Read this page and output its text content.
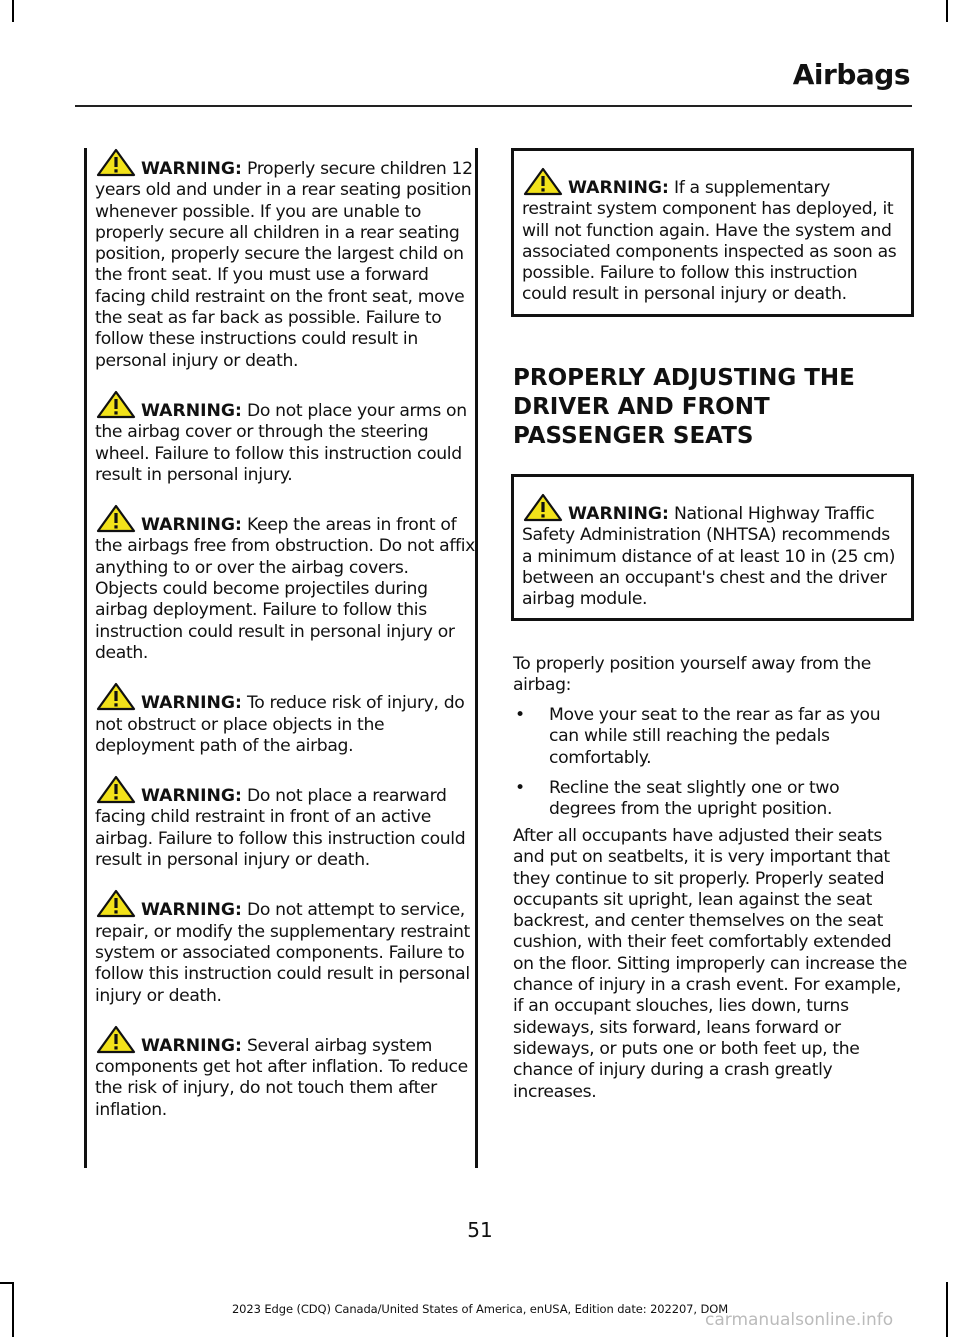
Airbags
WARNING: Properly secure children 12 years old and under in a rear seating position whenever possible. If you are unable to properly secure all children in a rear seating position, properly secure the largest child on the front seat. If you must use a forward facing child restraint on the front seat, move the seat as far back as possible. Failure to follow these instructions could result in personal injury or death.
WARNING: Do not place your arms on the airbag cover or through the steering wheel. Failure to follow this instruction could result in personal injury.
WARNING: Keep the areas in front of the airbags free from obstruction. Do not affix anything to or over the airbag covers. Objects could become projectiles during airbag deployment. Failure to follow this instruction could result in personal injury or death.
WARNING: To reduce risk of injury, do not obstruct or place objects in the deployment path of the airbag.
WARNING: Do not place a rearward facing child restraint in front of an active airbag. Failure to follow this instruction could result in personal injury or death.
WARNING: Do not attempt to service, repair, or modify the supplementary restraint system or associated components. Failure to follow this instruction could result in personal injury or death.
WARNING: Several airbag system components get hot after inflation. To reduce the risk of injury, do not touch them after inflation.
WARNING: If a supplementary restraint system component has deployed, it will not function again. Have the system and associated components inspected as soon as possible. Failure to follow this instruction could result in personal injury or death.
PROPERLY ADJUSTING THE
DRIVER AND FRONT
PASSENGER SEATS
WARNING: National Highway Traffic Safety Administration (NHTSA) recommends a minimum distance of at least 10 in (25 cm) between an occupant's chest and the driver airbag module.
To properly position yourself away from the airbag:
• Move your seat to the rear as far as you can while still reaching the pedals comfortably.
• Recline the seat slightly one or two degrees from the upright position.
After all occupants have adjusted their seats and put on seatbelts, it is very important that they continue to sit properly. Properly seated occupants sit upright, lean against the seat backrest, and center themselves on the seat cushion, with their feet comfortably extended on the floor. Sitting improperly can increase the chance of injury in a crash event. For example, if an occupant slouches, lies down, turns sideways, sits forward, leans forward or sideways, or puts one or both feet up, the chance of injury during a crash greatly increases.
51
2023 Edge (CDQ) Canada/United States of America, enUSA, Edition date: 202207, DOM
carmanualsonline.info
